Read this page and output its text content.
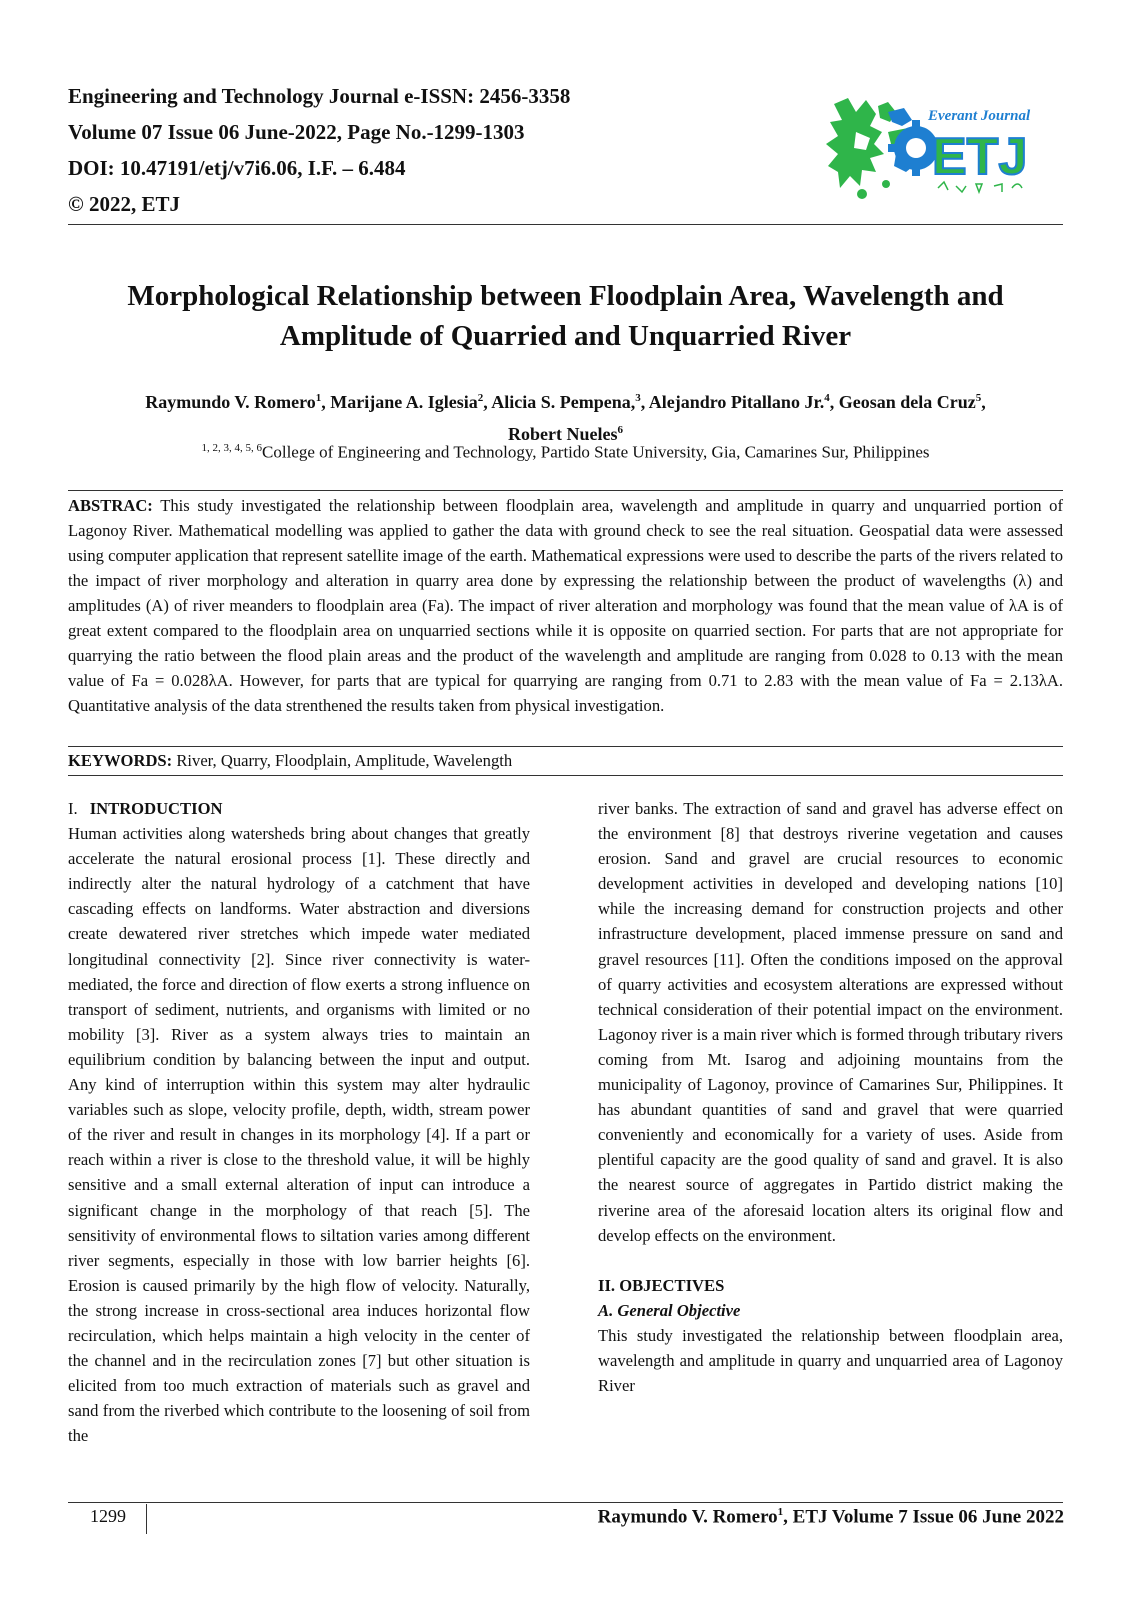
Engineering and Technology Journal e-ISSN: 2456-3358
Volume 07 Issue 06 June-2022, Page No.-1299-1303
DOI: 10.47191/etj/v7i6.06, I.F. – 6.484
© 2022, ETJ
Everant Journal
ETJ
Morphological Relationship between Floodplain Area, Wavelength and
Amplitude of Quarried and Unquarried River
Raymundo V. Romero$^1$, Marijane A. Iglesia$^2$, Alicia S. Pempena,$^3$, Alejandro Pitallano Jr.$^4$, Geosan dela Cruz$^5$,
Robert Nueles$^6$
$^{1, 2, 3, 4, 5, 6}$College of Engineering and Technology, Partido State University, Gia, Camarines Sur, Philippines
ABSTRAC: This study investigated the relationship between floodplain area, wavelength and amplitude in quarry and unquarried portion of Lagonoy River. Mathematical modelling was applied to gather the data with ground check to see the real situation. Geospatial data were assessed using computer application that represent satellite image of the earth. Mathematical expressions were used to describe the parts of the rivers related to the impact of river morphology and alteration in quarry area done by expressing the relationship between the product of wavelengths (λ) and amplitudes (A) of river meanders to floodplain area (Fa). The impact of river alteration and morphology was found that the mean value of λA is of great extent compared to the floodplain area on unquarried sections while it is opposite on quarried section. For parts that are not appropriate for quarrying the ratio between the flood plain areas and the product of the wavelength and amplitude are ranging from 0.028 to 0.13 with the mean value of Fa = 0.028λA. However, for parts that are typical for quarrying are ranging from 0.71 to 2.83 with the mean value of Fa = 2.13λA. Quantitative analysis of the data strenthened the results taken from physical investigation.
KEYWORDS: River, Quarry, Floodplain, Amplitude, Wavelength

I. INTRODUCTION

Human activities along watersheds bring about changes that greatly accelerate the natural erosional process [1]. These directly and indirectly alter the natural hydrology of a catchment that have cascading effects on landforms. Water abstraction and diversions create dewatered river stretches which impede water mediated longitudinal connectivity [2]. Since river connectivity is water-mediated, the force and direction of flow exerts a strong influence on transport of sediment, nutrients, and organisms with limited or no mobility [3]. River as a system always tries to maintain an equilibrium condition by balancing between the input and output. Any kind of interruption within this system may alter hydraulic variables such as slope, velocity profile, depth, width, stream power of the river and result in changes in its morphology [4]. If a part or reach within a river is close to the threshold value, it will be highly sensitive and a small external alteration of input can introduce a significant change in the morphology of that reach [5]. The sensitivity of environmental flows to siltation varies among different river segments, especially in those with low barrier heights [6]. Erosion is caused primarily by the high flow of velocity. Naturally, the strong increase in cross-sectional area induces horizontal flow recirculation, which helps maintain a high velocity in the center of the channel and in the recirculation zones [7] but other situation is elicited from too much extraction of materials such as gravel and sand from the riverbed which contribute to the loosening of soil from the

river banks. The extraction of sand and gravel has adverse effect on the environment [8] that destroys riverine vegetation and causes erosion. Sand and gravel are crucial resources to economic development activities in developed and developing nations [10] while the increasing demand for construction projects and other infrastructure development, placed immense pressure on sand and gravel resources [11]. Often the conditions imposed on the approval of quarry activities and ecosystem alterations are expressed without technical consideration of their potential impact on the environment. Lagonoy river is a main river which is formed through tributary rivers coming from Mt. Isarog and adjoining mountains from the municipality of Lagonoy, province of Camarines Sur, Philippines. It has abundant quantities of sand and gravel that were quarried conveniently and economically for a variety of uses. Aside from plentiful capacity are the good quality of sand and gravel. It is also the nearest source of aggregates in Partido district making the riverine area of the aforesaid location alters its original flow and develop effects on the environment.

II. OBJECTIVES

A. General Objective

This study investigated the relationship between floodplain area, wavelength and amplitude in quarry and unquarried area of Lagonoy River

1299	Raymundo V. Romero$^1$, ETJ Volume 7 Issue 06 June 2022
